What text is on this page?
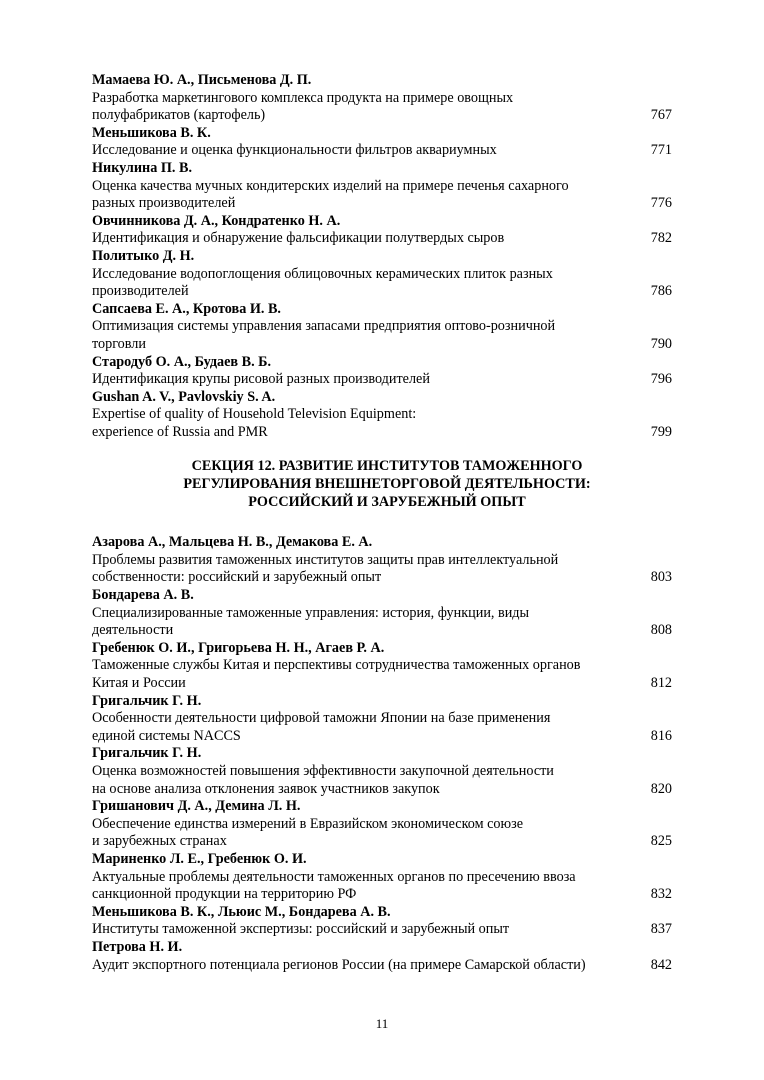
Мамаева Ю. А., Письменова Д. П.
Разработка маркетингового комплекса продукта на примере овощных
полуфабрикатов (картофель)	767
Меньшикова В. К.
Исследование и оценка функциональности фильтров аквариумных	771
Никулина П. В.
Оценка качества мучных кондитерских изделий на примере печенья сахарного
разных производителей	776
Овчинникова Д. А., Кондратенко Н. А.
Идентификация и обнаружение фальсификации полутвердых сыров	782
Политыко Д. Н.
Исследование водопоглощения облицовочных керамических плиток разных
производителей	786
Сапсаева Е. А., Кротова И. В.
Оптимизация системы управления запасами предприятия оптово-розничной
торговли	790
Стародуб О. А., Будаев В. Б.
Идентификация крупы рисовой разных производителей	796
Gushan A. V., Pavlovskiy S. A.
Expertise of quality of Household Television Equipment:
experience of Russia and PMR	799
СЕКЦИЯ 12. РАЗВИТИЕ ИНСТИТУТОВ ТАМОЖЕННОГО
РЕГУЛИРОВАНИЯ ВНЕШНЕТОРГОВОЙ ДЕЯТЕЛЬНОСТИ:
РОССИЙСКИЙ И ЗАРУБЕЖНЫЙ ОПЫТ
Азарова А., Мальцева Н. В., Демакова Е. А.
Проблемы развития таможенных институтов защиты прав интеллектуальной
собственности: российский и зарубежный опыт	803
Бондарева А. В.
Специализированные таможенные управления: история, функции, виды
деятельности	808
Гребенюк О. И., Григорьева Н. Н., Агаев Р. А.
Таможенные службы Китая и перспективы сотрудничества таможенных органов
Китая и России	812
Григальчик Г. Н.
Особенности деятельности цифровой таможни Японии на базе применения
единой системы NACCS	816
Григальчик Г. Н.
Оценка возможностей повышения эффективности закупочной деятельности
на основе анализа отклонения заявок участников закупок	820
Гришанович Д. А., Демина Л. Н.
Обеспечение единства измерений в Евразийском экономическом союзе
и зарубежных странах	825
Мариненко Л. Е., Гребенюк О. И.
Актуальные проблемы деятельности таможенных органов по пресечению ввоза
санкционной продукции на территорию РФ	832
Меньшикова В. К., Льюис М., Бондарева А. В.
Институты таможенной экспертизы: российский и зарубежный опыт	837
Петрова Н. И.
Аудит экспортного потенциала регионов России (на примере Самарской области)	842
11
